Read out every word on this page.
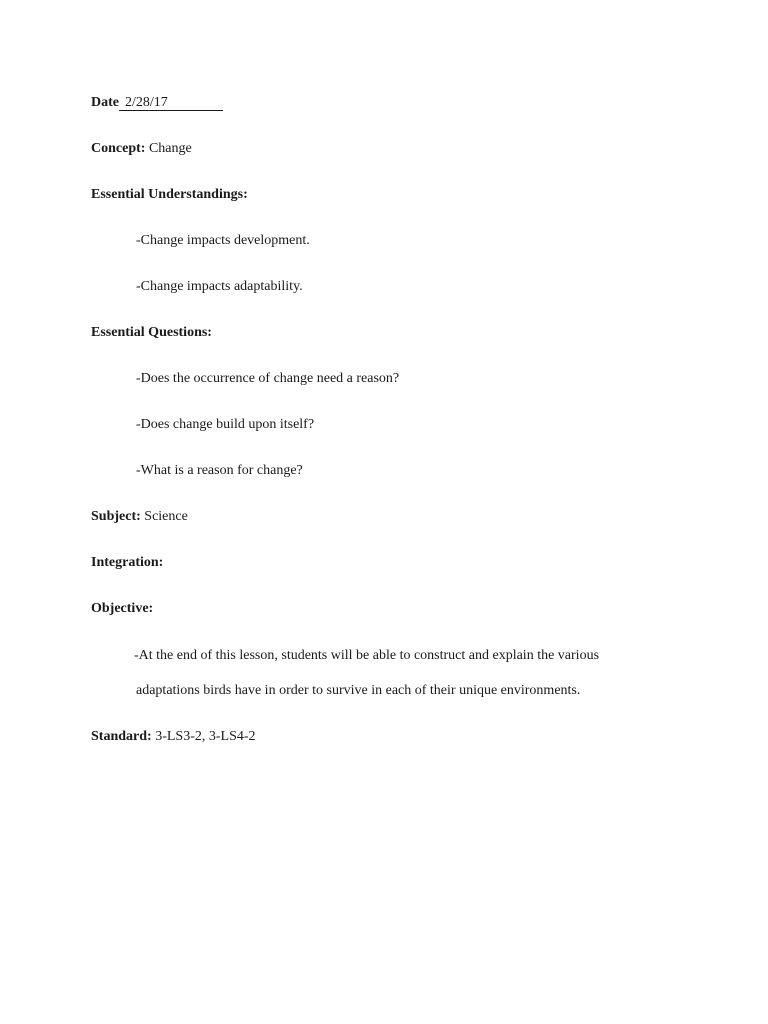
Date 2/28/17
Concept: Change
Essential Understandings:
-Change impacts development.
-Change impacts adaptability.
Essential Questions:
-Does the occurrence of change need a reason?
-Does change build upon itself?
-What is a reason for change?
Subject: Science
Integration:
Objective:
-At the end of this lesson, students will be able to construct and explain the various
adaptations birds have in order to survive in each of their unique environments.
Standard: 3-LS3-2, 3-LS4-2
